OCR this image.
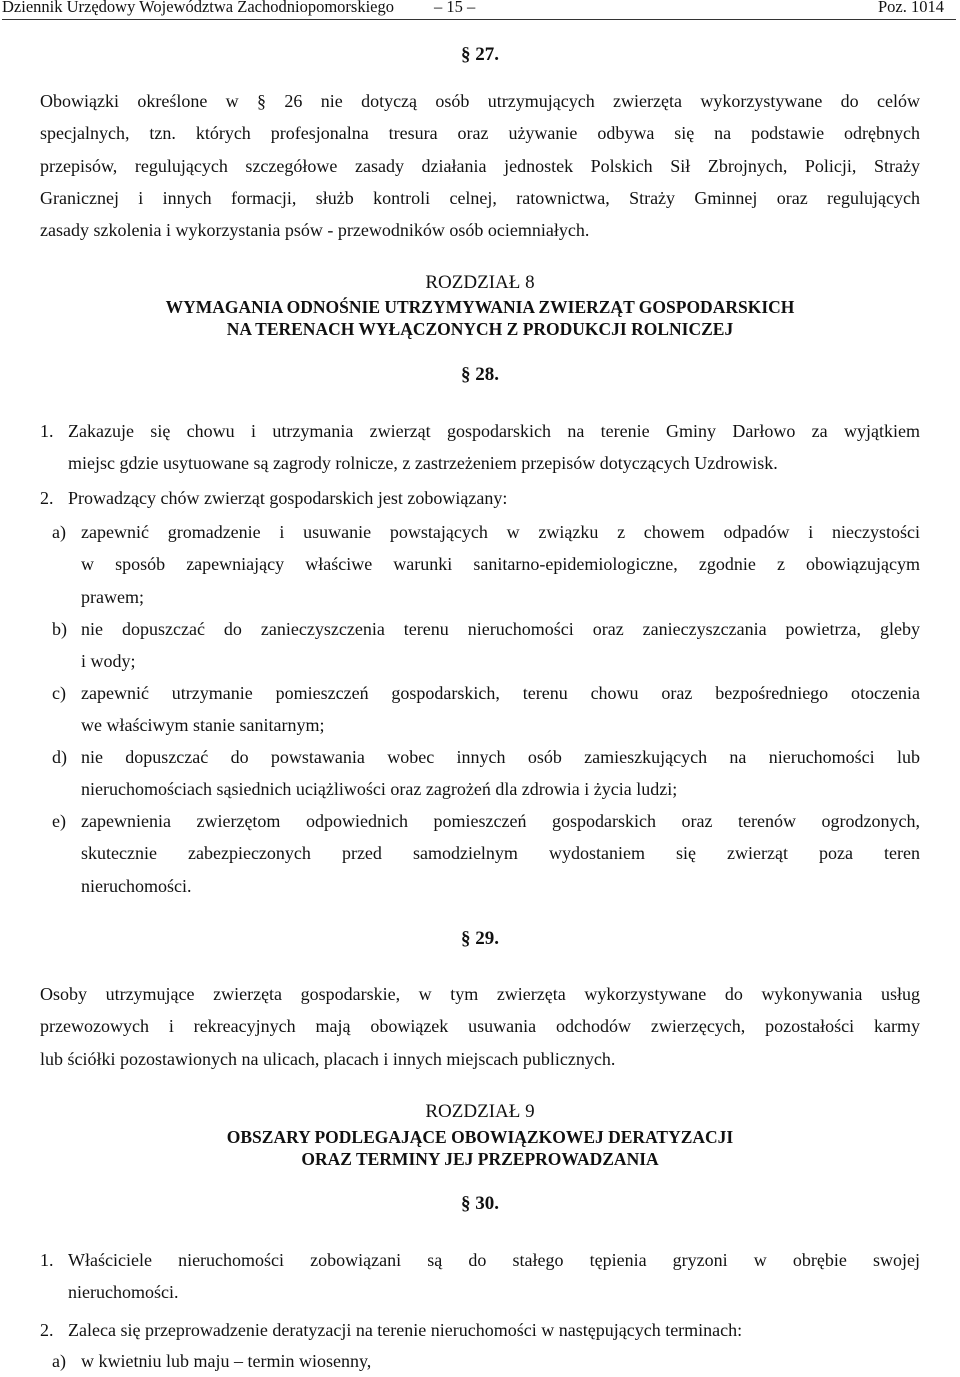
Dziennik Urzędowy Województwa Zachodniopomorskiego – 15 –	Poz. 1014
§ 27.
Obowiązki określone w § 26 nie dotyczą osób utrzymujących zwierzęta wykorzystywane do celów
specjalnych, tzn. których profesjonalna tresura oraz używanie odbywa się na podstawie odrębnych
przepisów, regulujących szczegółowe zasady działania jednostek Polskich Sił Zbrojnych, Policji, Straży
Granicznej i innych formacji, służb kontroli celnej, ratownictwa, Straży Gminnej oraz regulujących
zasady szkolenia i wykorzystania psów - przewodników osób ociemniałych.
ROZDZIAŁ 8
WYMAGANIA ODNOŚNIE UTRZYMYWANIA ZWIERZĄT GOSPODARSKICH
NA TERENACH WYŁĄCZONYCH Z PRODUKCJI ROLNICZEJ
§ 28.
1. Zakazuje się chowu i utrzymania zwierząt gospodarskich na terenie Gminy Darłowo za wyjątkiem
miejsc gdzie usytuowane są zagrody rolnicze, z zastrzeżeniem przepisów dotyczących Uzdrowisk.
2. Prowadzący chów zwierząt gospodarskich jest zobowiązany:
a) zapewnić gromadzenie i usuwanie powstających w związku z chowem odpadów i nieczystości
w sposób zapewniający właściwe warunki sanitarno-epidemiologiczne, zgodnie z obowiązującym
prawem;
b) nie dopuszczać do zanieczyszczenia terenu nieruchomości oraz zanieczyszczania powietrza, gleby
i wody;
c) zapewnić utrzymanie pomieszczeń gospodarskich, terenu chowu oraz bezpośredniego otoczenia
we właściwym stanie sanitarnym;
d) nie dopuszczać do powstawania wobec innych osób zamieszkujących na nieruchomości lub
nieruchomościach sąsiednich uciążliwości oraz zagrożeń dla zdrowia i życia ludzi;
e) zapewnienia zwierzętom odpowiednich pomieszczeń gospodarskich oraz terenów ogrodzonych,
skutecznie zabezpieczonych przed samodzielnym wydostaniem się zwierząt poza teren
nieruchomości.
§ 29.
Osoby utrzymujące zwierzęta gospodarskie, w tym zwierzęta wykorzystywane do wykonywania usług
przewozowych i rekreacyjnych mają obowiązek usuwania odchodów zwierzęcych, pozostałości karmy
lub ściółki pozostawionych na ulicach, placach i innych miejscach publicznych.
ROZDZIAŁ 9
OBSZARY PODLEGAJĄCE OBOWIĄZKOWEJ DERATYZACJI
ORAZ TERMINY JEJ PRZEPROWADZANIA
§ 30.
1. Właściciele nieruchomości zobowiązani są do stałego tępienia gryzoni w obrębie swojej
nieruchomości.
2. Zaleca się przeprowadzenie deratyzacji na terenie nieruchomości w następujących terminach:
a) w kwietniu lub maju – termin wiosenny,
